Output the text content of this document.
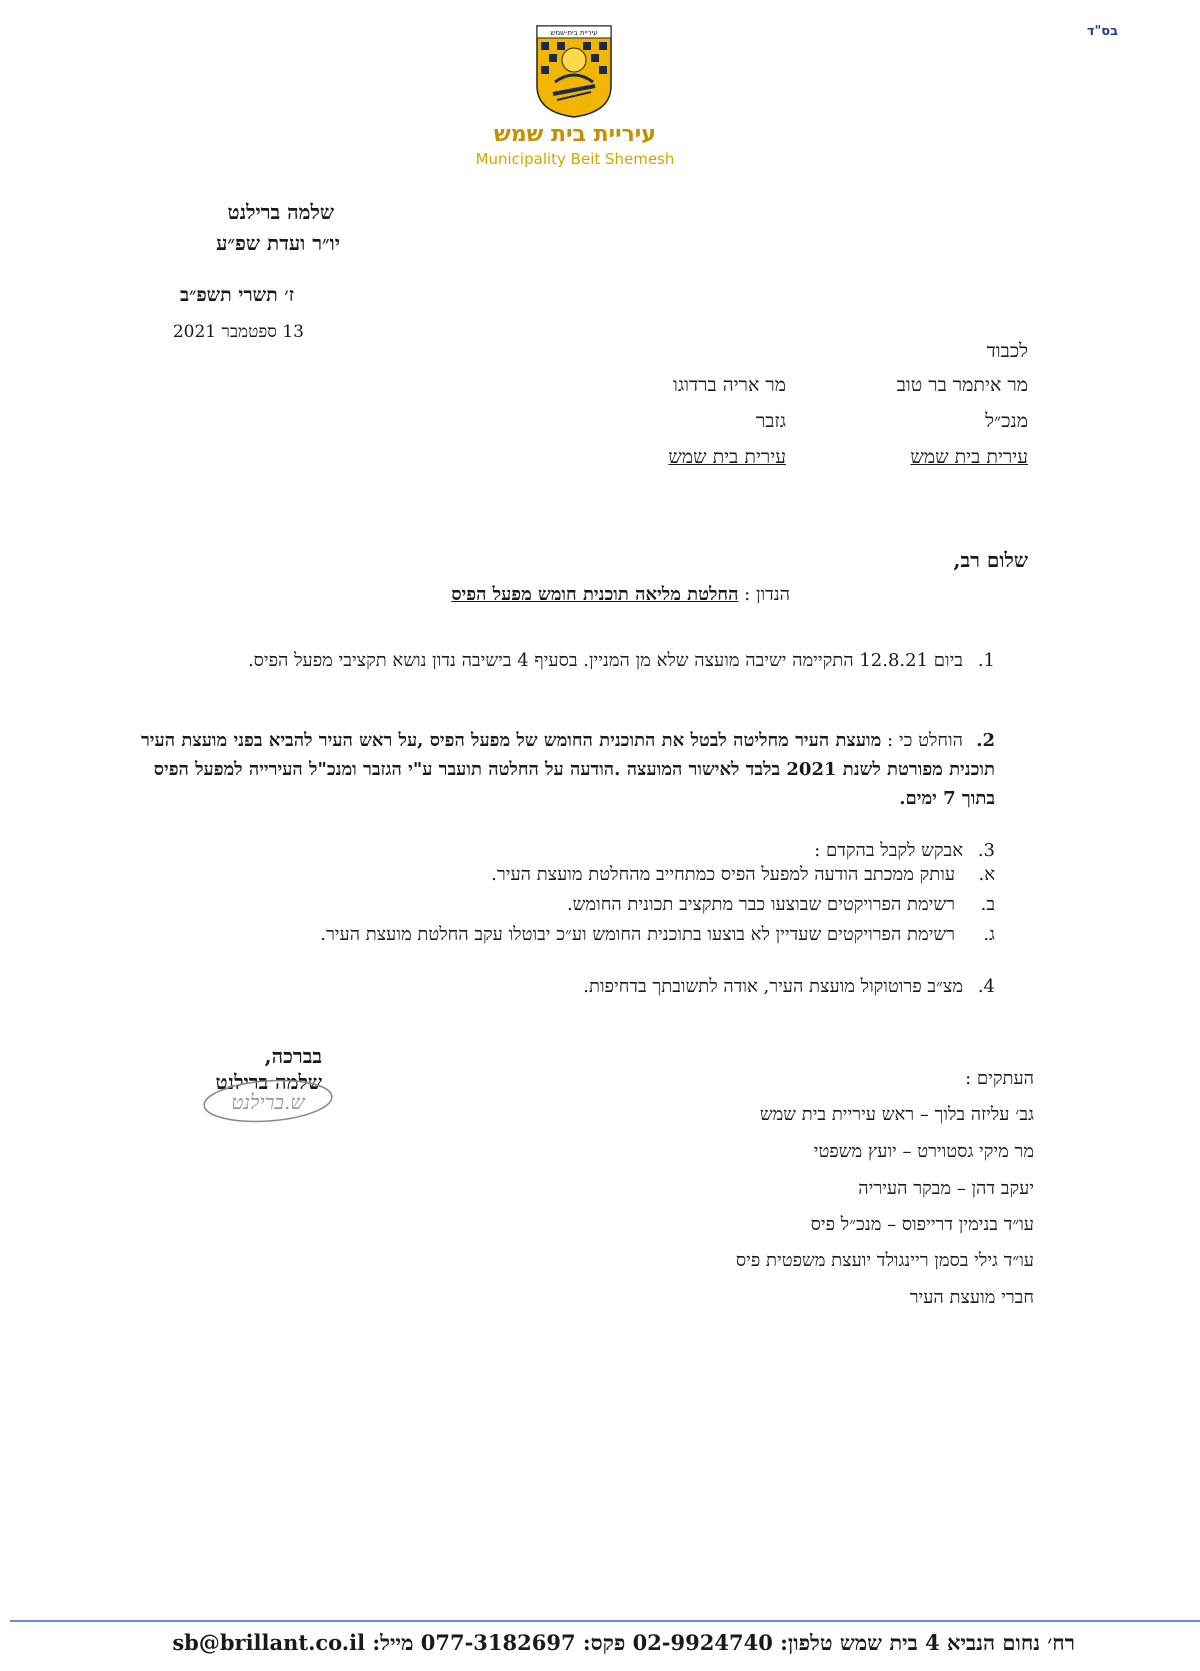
בס"ד
עיריית בית-שמש
עיריית בית שמש
Municipality Beit Shemesh
שלמה ברילנט
יו״ר ועדת שפ״ע
ז׳ תשרי תשפ״ב
13 ספטמבר 2021
לכבוד
מר איתמר בר טוב
מנכ״ל
עירית בית שמש
מר אריה ברדוגו
גזבר
עירית בית שמש
שלום רב,
הנדון : החלטת מליאה תוכנית חומש מפעל הפיס
1.ביום 12.8.21 התקיימה ישיבה מועצה שלא מן המניין. בסעיף 4 בישיבה נדון נושא תקציבי מפעל הפיס.
2.הוחלט כי : מועצת העיר מחליטה לבטל את התוכנית החומש של מפעל הפיס ,על ראש העיר להביא בפני מועצת העיר תוכנית מפורטת לשנת 2021 בלבד לאישור המועצה .הודעה על החלטה תועבר ע"י הגזבר ומנכ"ל העירייה למפעל הפיס בתוך 7 ימים.
3.אבקש לקבל בהקדם :
א.עותק ממכתב הודעה למפעל הפיס כמתחייב מהחלטת מועצת העיר.
ב.רשימת הפרויקטים שבוצעו כבר מתקציב תכונית החומש.
ג.רשימת הפרויקטים שעדיין לא בוצעו בתוכנית החומש וע״כ יבוטלו עקב החלטת מועצת העיר.
4.מצ״ב פרוטוקול מועצת העיר, אודה לתשובתך בדחיפות.
בברכה,
שלמה ברילנט
ש.ברילנט
העתקים :
גב׳ עליזה בלוך – ראש עיריית בית שמש
מר מיקי גסטוירט – יועץ משפטי
יעקב דהן – מבקר העיריה
עו״ד בנימין דרייפוס – מנכ״ל פיס
עו״ד גילי בסמן ריינגולד יועצת משפטית פיס
חברי מועצת העיר
רח׳ נחום הנביא 4 בית שמש טלפון: 02-9924740 פקס: 077-3182697 מייל: sb@brillant.co.il
